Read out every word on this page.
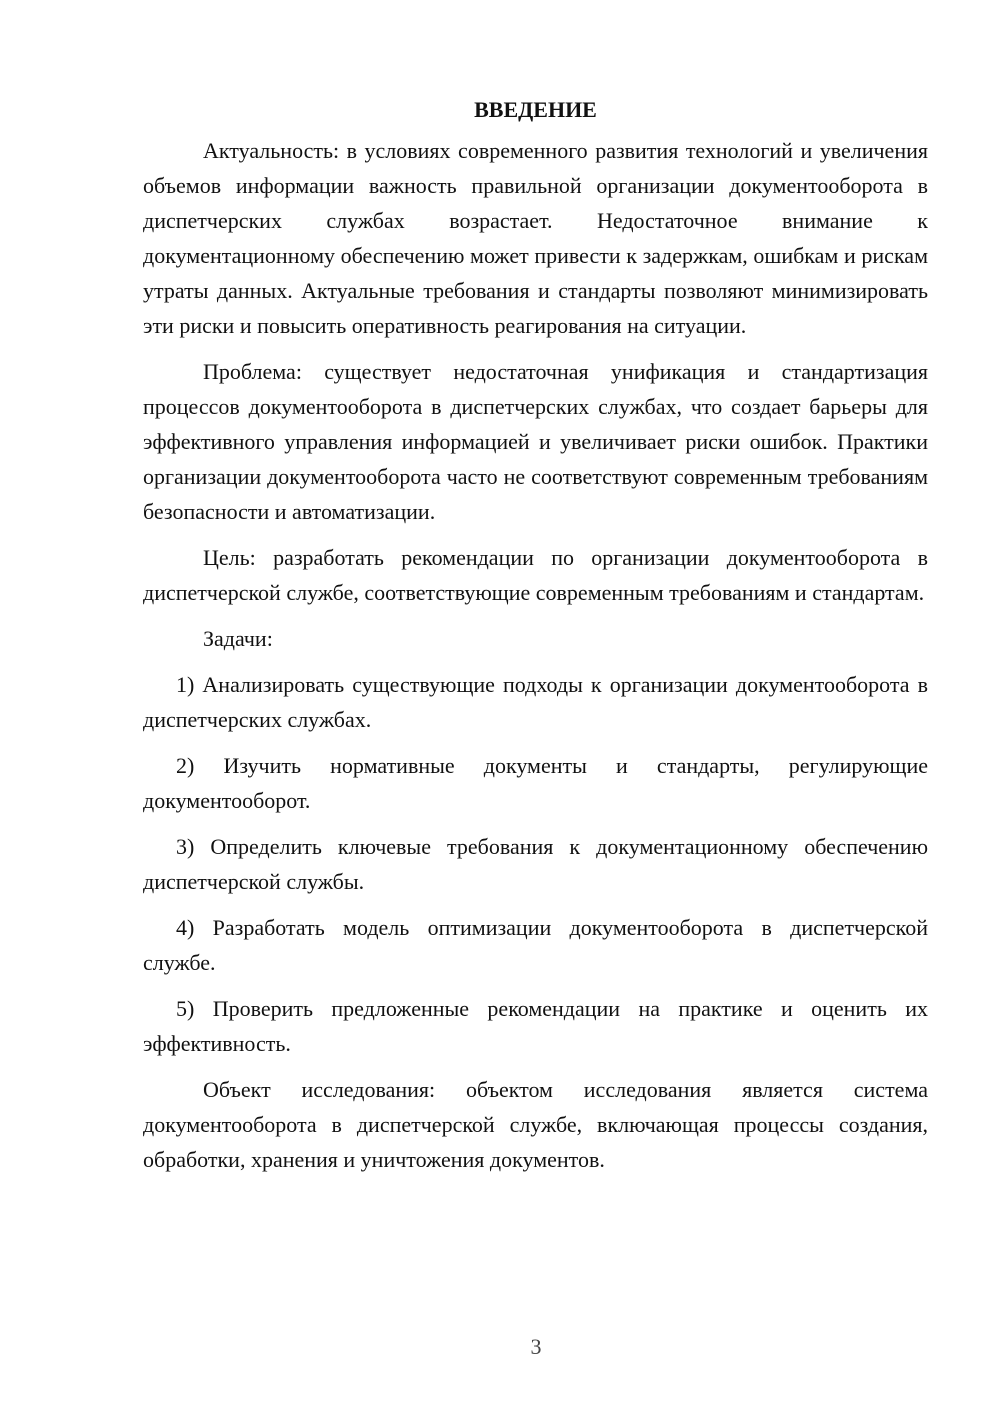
ВВЕДЕНИЕ

Актуальность: в условиях современного развития технологий и увеличения объемов информации важность правильной организации документооборота в диспетчерских службах возрастает. Недостаточное внимание к документационному обеспечению может привести к задержкам, ошибкам и рискам утраты данных. Актуальные требования и стандарты позволяют минимизировать эти риски и повысить оперативность реагирования на ситуации.

Проблема: существует недостаточная унификация и стандартизация процессов документооборота в диспетчерских службах, что создает барьеры для эффективного управления информацией и увеличивает риски ошибок. Практики организации документооборота часто не соответствуют современным требованиям безопасности и автоматизации.

Цель: разработать рекомендации по организации документооборота в диспетчерской службе, соответствующие современным требованиям и стандартам.

Задачи:

1) Анализировать существующие подходы к организации документооборота в диспетчерских службах.

2) Изучить нормативные документы и стандарты, регулирующие документооборот.

3) Определить ключевые требования к документационному обеспечению диспетчерской службы.

4) Разработать модель оптимизации документооборота в диспетчерской службе.

5) Проверить предложенные рекомендации на практике и оценить их эффективность.

Объект исследования: объектом исследования является система документооборота в диспетчерской службе, включающая процессы создания, обработки, хранения и уничтожения документов.

3
